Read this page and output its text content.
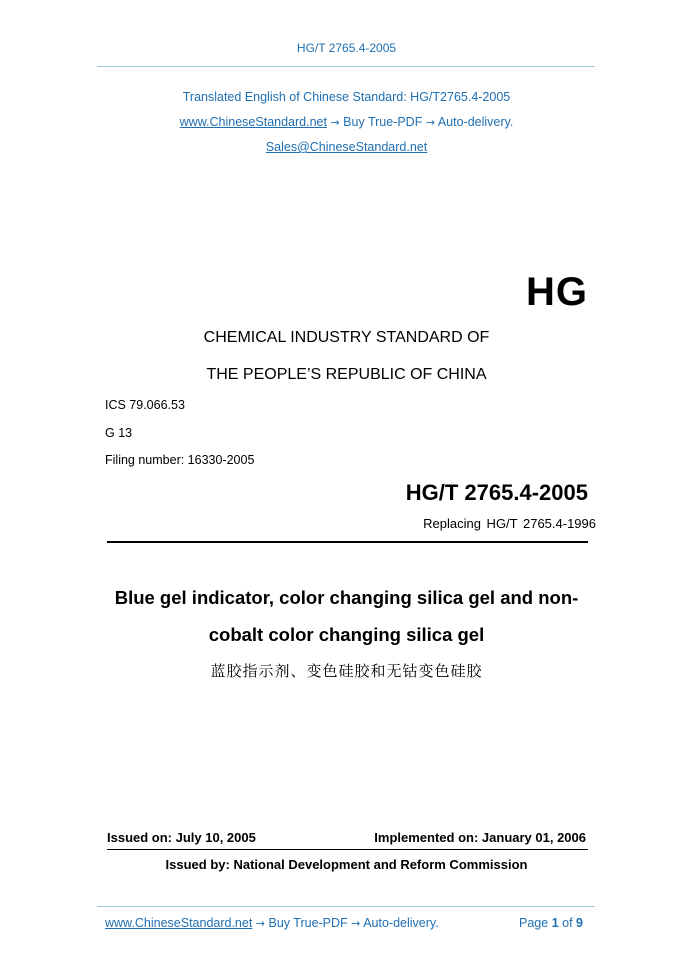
HG/T 2765.4-2005
Translated English of Chinese Standard: HG/T2765.4-2005
www.ChineseStandard.net → Buy True-PDF → Auto-delivery.
Sales@ChineseStandard.net
HG
CHEMICAL INDUSTRY STANDARD OF
THE PEOPLE’S REPUBLIC OF CHINA
ICS 79.066.53
G 13
Filing number: 16330-2005
HG/T 2765.4-2005
Replacing HG/T 2765.4-1996
Blue gel indicator, color changing silica gel and non-
cobalt color changing silica gel
蓝胶指示剂、变色硅胶和无钴变色硅胶
Issued on: July 10, 2005	Implemented on: January 01, 2006
Issued by: National Development and Reform Commission
www.ChineseStandard.net → Buy True-PDF → Auto-delivery.	Page 1 of 9
